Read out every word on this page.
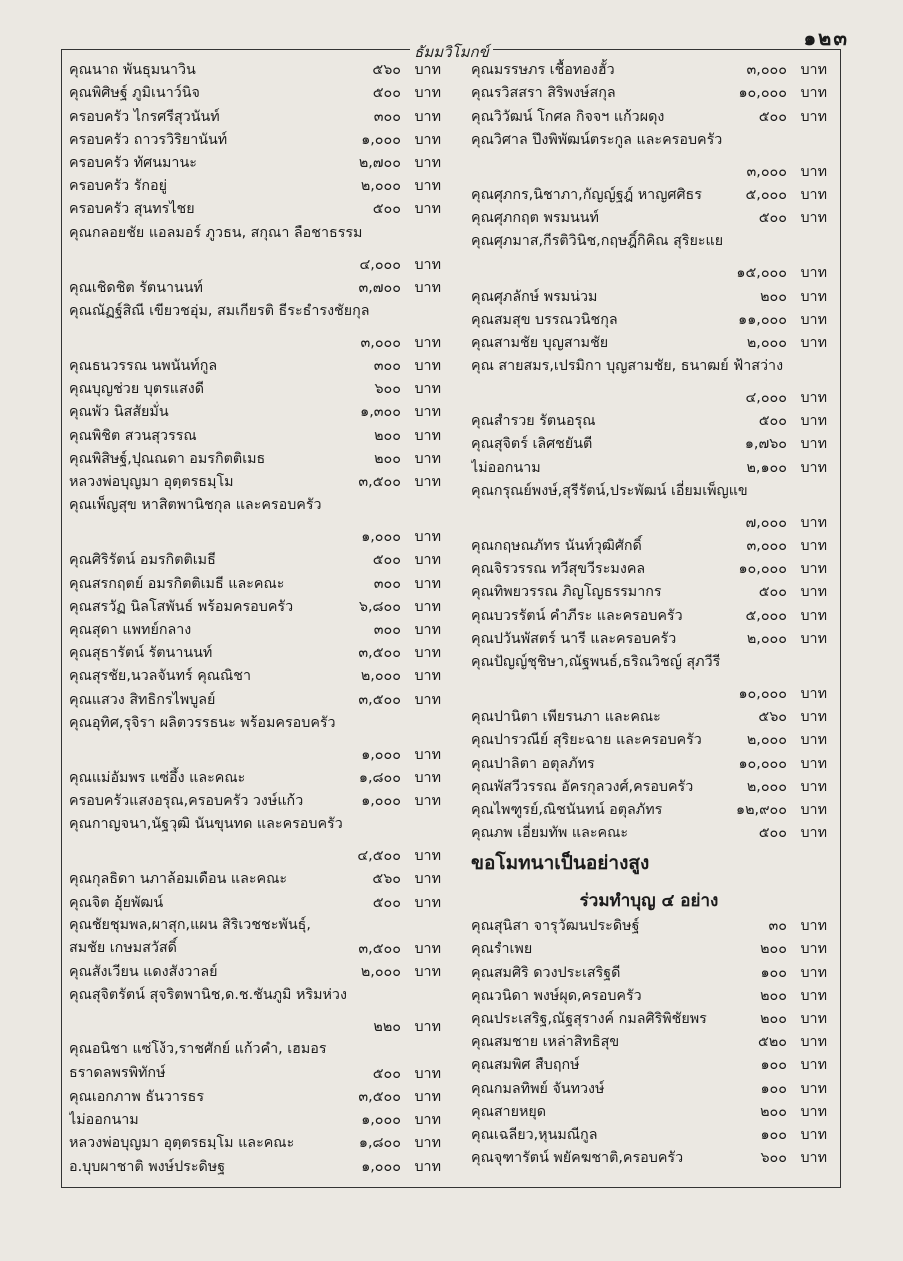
๑๒๓
ธัมมวิโมกข์
คุณนาถ พันธุมนาวิน	๕๖๐ บาท
คุณพิศิษฐ์ ภูมิเนาว์นิจ	๕๐๐ บาท
ครอบครัว ไกรศรีสุวนันท์	๓๐๐ บาท
ครอบครัว ถาวรวิริยานันท์	๑,๐๐๐ บาท
ครอบครัว ทัศนมานะ	๒,๗๐๐ บาท
ครอบครัว รักอยู่	๒,๐๐๐ บาท
ครอบครัว สุนทรไชย	๕๐๐ บาท
คุณกลอยชัย แอลมอร์ ภูวธน, สกุณา ลือชาธรรม
๔,๐๐๐ บาท
คุณเชิดชิต รัตนานนท์	๓,๗๐๐ บาท
คุณณัฏฐ์สิณี เขียวชอุ่ม, สมเกียรติ ธีระธำรงชัยกุล
๓,๐๐๐ บาท
คุณธนวรรณ นพนันท์กูล	๓๐๐ บาท
คุณบุญช่วย บุตรแสงดี	๖๐๐ บาท
คุณพัว นิสสัยมั่น	๑,๓๐๐ บาท
คุณพิชิต สวนสุวรรณ	๒๐๐ บาท
คุณพิสิษฐ์,ปุณณดา อมรกิตติเมธ	๒๐๐ บาท
หลวงพ่อบุญมา อุตฺตรธมฺโม	๓,๕๐๐ บาท
คุณเพ็ญสุข หาสิตพานิชกุล และครอบครัว
๑,๐๐๐ บาท
คุณศิริรัตน์ อมรกิตติเมธี	๕๐๐ บาท
คุณสรกฤตย์ อมรกิตติเมธี และคณะ	๓๐๐ บาท
คุณสรวัฏ นิลโสพันธ์ พร้อมครอบครัว	๖,๘๐๐ บาท
คุณสุดา แพทย์กลาง	๓๐๐ บาท
คุณสุธารัตน์ รัตนานนท์	๓,๕๐๐ บาท
คุณสุรชัย,นวลจันทร์ คุณณิชา	๒,๐๐๐ บาท
คุณแสวง สิทธิกรไพบูลย์	๓,๕๐๐ บาท
คุณอุทิศ,รุจิรา ผลิตวรรธนะ พร้อมครอบครัว
๑,๐๐๐ บาท
คุณแม่อัมพร แซ่อึ้ง และคณะ	๑,๘๐๐ บาท
ครอบครัวแสงอรุณ,ครอบครัว วงษ์แก้ว	๑,๐๐๐ บาท
คุณกาญจนา,นัฐวุฒิ นันขุนทด และครอบครัว
๔,๕๐๐ บาท
คุณกุลธิดา นภาล้อมเดือน และคณะ	๕๖๐ บาท
คุณจิต อุ้ยพัฒน์	๕๐๐ บาท
คุณชัยชุมพล,ผาสุก,แผน สิริเวชชะพันธุ์, สมชัย เกษมสวัสดิ์	๓,๕๐๐ บาท
คุณสังเวียน แดงสังวาลย์	๒,๐๐๐ บาท
คุณสุจิตรัตน์ สุจริตพานิช,ด.ช.ชันภูมิ หริมห่วง
๒๒๐ บาท
คุณอนิชา แซ่โง้ว,ราชศักย์ แก้วคำ, เฮมอร ธราดลพรพิทักษ์	๕๐๐ บาท
คุณเอกภาพ ธันวารธร	๓,๕๐๐ บาท
ไม่ออกนาม	๑,๐๐๐ บาท
หลวงพ่อบุญมา อุตฺตรธมฺโม และคณะ	๑,๘๐๐ บาท
อ.บุบผาชาติ พงษ์ประดิษฐ	๑,๐๐๐ บาท
คุณมรรษภร เชื้อทองฮั้ว	๓,๐๐๐ บาท
คุณรวิสสรา สิริพงษ์สกุล	๑๐,๐๐๐ บาท
คุณวิวัฒน์ โกศล กิจจฯ แก้วผดุง	๕๐๐ บาท
คุณวิศาล ปึงพิพัฒน์ตระกูล และครอบครัว
๓,๐๐๐ บาท
คุณศุภกร,นิชาภา,กัญญ์ฐฎ์ หาญศศิธร	๕,๐๐๐ บาท
คุณศุภกฤต พรมนนท์	๕๐๐ บาท
คุณศุภมาส,กีรติวินิช,กฤษฎิ์กิคิณ สุริยะแย
๑๕,๐๐๐ บาท
คุณศุภลักษ์ พรมน่วม	๒๐๐ บาท
คุณสมสุข บรรณวนิชกุล	๑๑,๐๐๐ บาท
คุณสามชัย บุญสามชัย	๒,๐๐๐ บาท
คุณ สายสมร,เปรมิกา บุญสามชัย, ธนาฒย์ ฟ้าสว่าง
๔,๐๐๐ บาท
คุณสำรวย รัตนอรุณ	๕๐๐ บาท
คุณสุจิตร์ เลิศชยันตี	๑,๗๖๐ บาท
ไม่ออกนาม	๒,๑๐๐ บาท
คุณกรุณย์พงษ์,สุรีรัตน์,ประพัฒน์ เอี่ยมเพ็ญแข
๗,๐๐๐ บาท
คุณกฤษณภัทร นันท์วุฒิศักดิ์	๓,๐๐๐ บาท
คุณจิรวรรณ ทวีสุขวีระมงคล	๑๐,๐๐๐ บาท
คุณทิพยวรรณ ภิญโญธรรมากร	๕๐๐ บาท
คุณบวรรัตน์ คำภีระ และครอบครัว	๕,๐๐๐ บาท
คุณปวันพัสตร์ นารี และครอบครัว	๒,๐๐๐ บาท
คุณปัญญ์ชุชิษา,ณัฐพนธ์,ธริณวิชญ์ สุภวีรี
๑๐,๐๐๐ บาท
คุณปานิตา เพียรนภา และคณะ	๕๖๐ บาท
คุณปารวณีย์ สุริยะฉาย และครอบครัว	๒,๐๐๐ บาท
คุณปาลิตา อตุลภัทร	๑๐,๐๐๐ บาท
คุณพัสวีวรรณ อัครกุลวงศ์,ครอบครัว	๒,๐๐๐ บาท
คุณไพฑูรย์,ณิชนันทน์ อตุลภัทร	๑๒,๙๐๐ บาท
คุณภพ เอี่ยมทัพ และคณะ	๕๐๐ บาท
ขอโมทนาเป็นอย่างสูง
ร่วมทำบุญ ๔ อย่าง
คุณสุนิสา จารุวัฒนประดิษฐ์	๓๐ บาท
คุณรำเพย	๒๐๐ บาท
คุณสมศิริ ดวงประเสริฐดี	๑๐๐ บาท
คุณวนิดา พงษ์ผุด,ครอบครัว	๒๐๐ บาท
คุณประเสริฐ,ณัฐสุรางค์ กมลศิริพิชัยพร	๒๐๐ บาท
คุณสมชาย เหล่าสิทธิสุข	๕๒๐ บาท
คุณสมพิศ สืบฤกษ์	๑๐๐ บาท
คุณกมลทิพย์ จันทวงษ์	๑๐๐ บาท
คุณสายหยุด	๒๐๐ บาท
คุณเฉลียว,หุนมณีกูล	๑๐๐ บาท
คุณจุฑารัตน์ พยัคฆชาติ,ครอบครัว	๖๐๐ บาท
